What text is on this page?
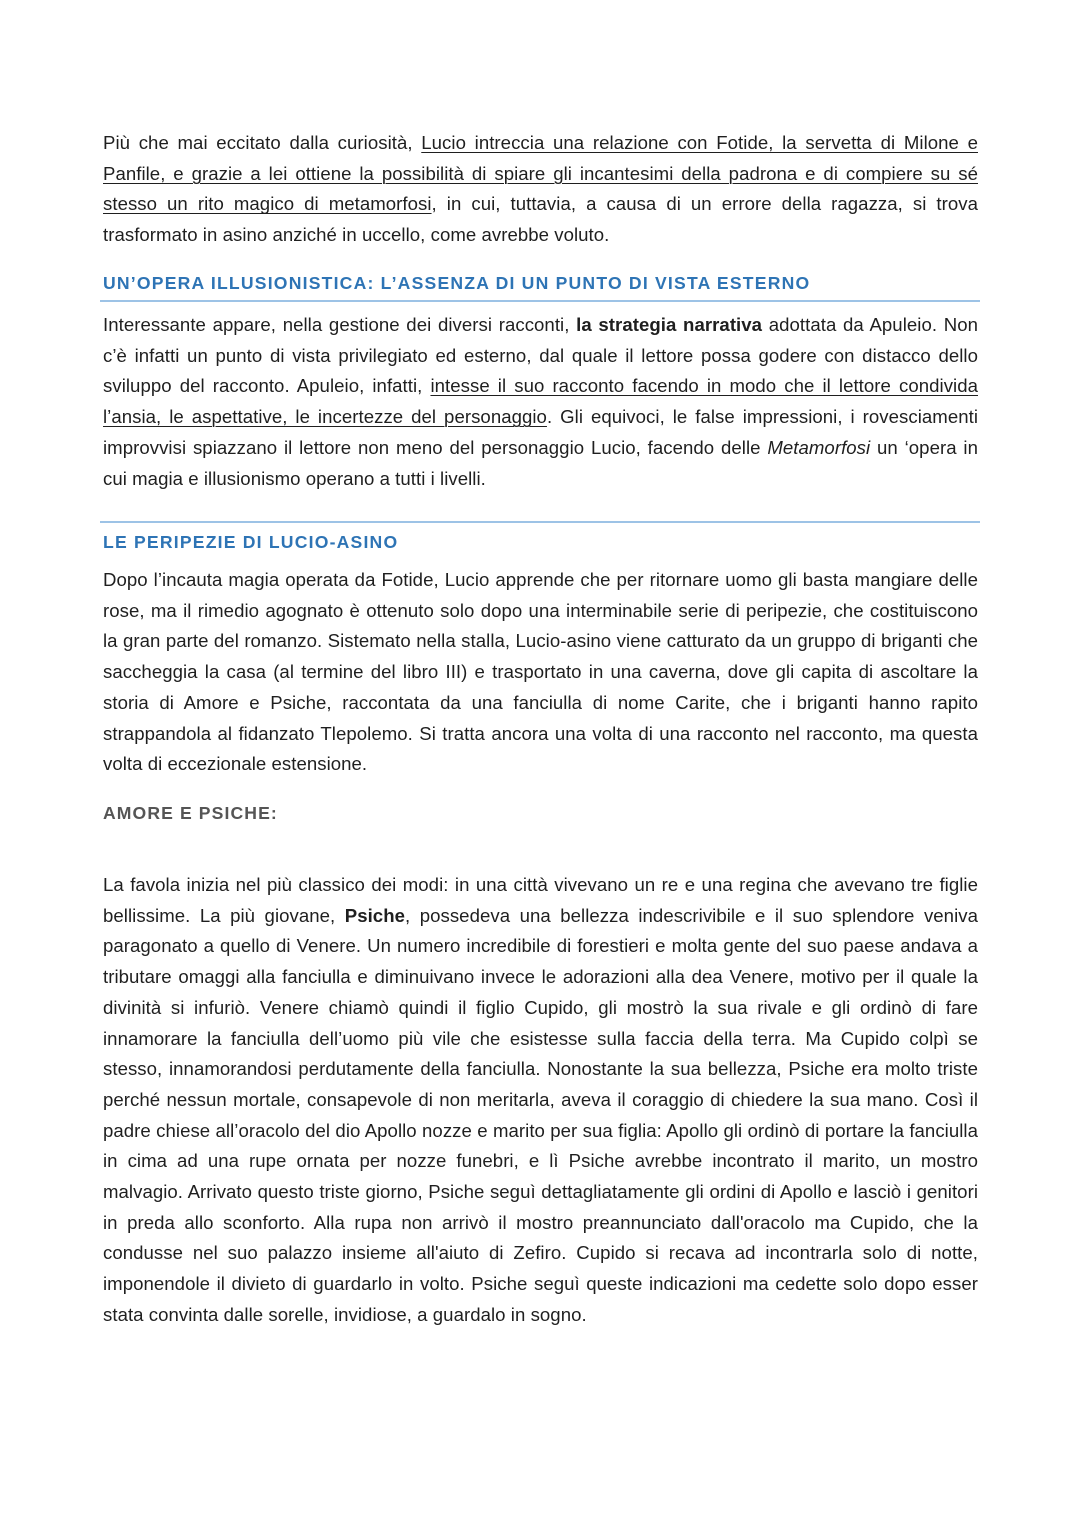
Più che mai eccitato dalla curiosità, Lucio intreccia una relazione con Fotide, la servetta di Milone e Panfile, e grazie a lei ottiene la possibilità di spiare gli incantesimi della padrona e di compiere su sé stesso un rito magico di metamorfosi, in cui, tuttavia, a causa di un errore della ragazza, si trova trasformato in asino anziché in uccello, come avrebbe voluto.

UN’OPERA ILLUSIONISTICA: L’ASSENZA DI UN PUNTO DI VISTA ESTERNO

Interessante appare, nella gestione dei diversi racconti, la strategia narrativa adottata da Apuleio. Non c’è infatti un punto di vista privilegiato ed esterno, dal quale il lettore possa godere con distacco dello sviluppo del racconto. Apuleio, infatti, intesse il suo racconto facendo in modo che il lettore condivida l’ansia, le aspettative, le incertezze del personaggio. Gli equivoci, le false impressioni, i rovesciamenti improvvisi spiazzano il lettore non meno del personaggio Lucio, facendo delle Metamorfosi un ‘opera in cui magia e illusionismo operano a tutti i livelli.

LE PERIPEZIE DI LUCIO-ASINO

Dopo l’incauta magia operata da Fotide, Lucio apprende che per ritornare uomo gli basta mangiare delle rose, ma il rimedio agognato è ottenuto solo dopo una interminabile serie di peripezie, che costituiscono la gran parte del romanzo. Sistemato nella stalla, Lucio-asino viene catturato da un gruppo di briganti che saccheggia la casa (al termine del libro III) e trasportato in una caverna, dove gli capita di ascoltare la storia di Amore e Psiche, raccontata da una fanciulla di nome Carite, che i briganti hanno rapito strappandola al fidanzato Tlepolemo. Si tratta ancora una volta di una racconto nel racconto, ma questa volta di eccezionale estensione.

AMORE E PSICHE:

La favola inizia nel più classico dei modi: in una città vivevano un re e una regina che avevano tre figlie bellissime. La più giovane, Psiche, possedeva una bellezza indescrivibile e il suo splendore veniva paragonato a quello di Venere. Un numero incredibile di forestieri e molta gente del suo paese andava a tributare omaggi alla fanciulla e diminuivano invece le adorazioni alla dea Venere, motivo per il quale la divinità si infuriò. Venere chiamò quindi il figlio Cupido, gli mostrò la sua rivale e gli ordinò di fare innamorare la fanciulla dell’uomo più vile che esistesse sulla faccia della terra. Ma Cupido colpì se stesso, innamorandosi perdutamente della fanciulla. Nonostante la sua bellezza, Psiche era molto triste perché nessun mortale, consapevole di non meritarla, aveva il coraggio di chiedere la sua mano. Così il padre chiese all’oracolo del dio Apollo nozze e marito per sua figlia: Apollo gli ordinò di portare la fanciulla in cima ad una rupe ornata per nozze funebri, e lì Psiche avrebbe incontrato il marito, un mostro malvagio. Arrivato questo triste giorno, Psiche seguì dettagliatamente gli ordini di Apollo e lasciò i genitori in preda allo sconforto. Alla rupa non arrivò il mostro preannunciato dall'oracolo ma Cupido, che la condusse nel suo palazzo insieme all'aiuto di Zefiro. Cupido si recava ad incontrarla solo di notte, imponendole il divieto di guardarlo in volto. Psiche seguì queste indicazioni ma cedette solo dopo esser stata convinta dalle sorelle, invidiose, a guardalo in sogno.
